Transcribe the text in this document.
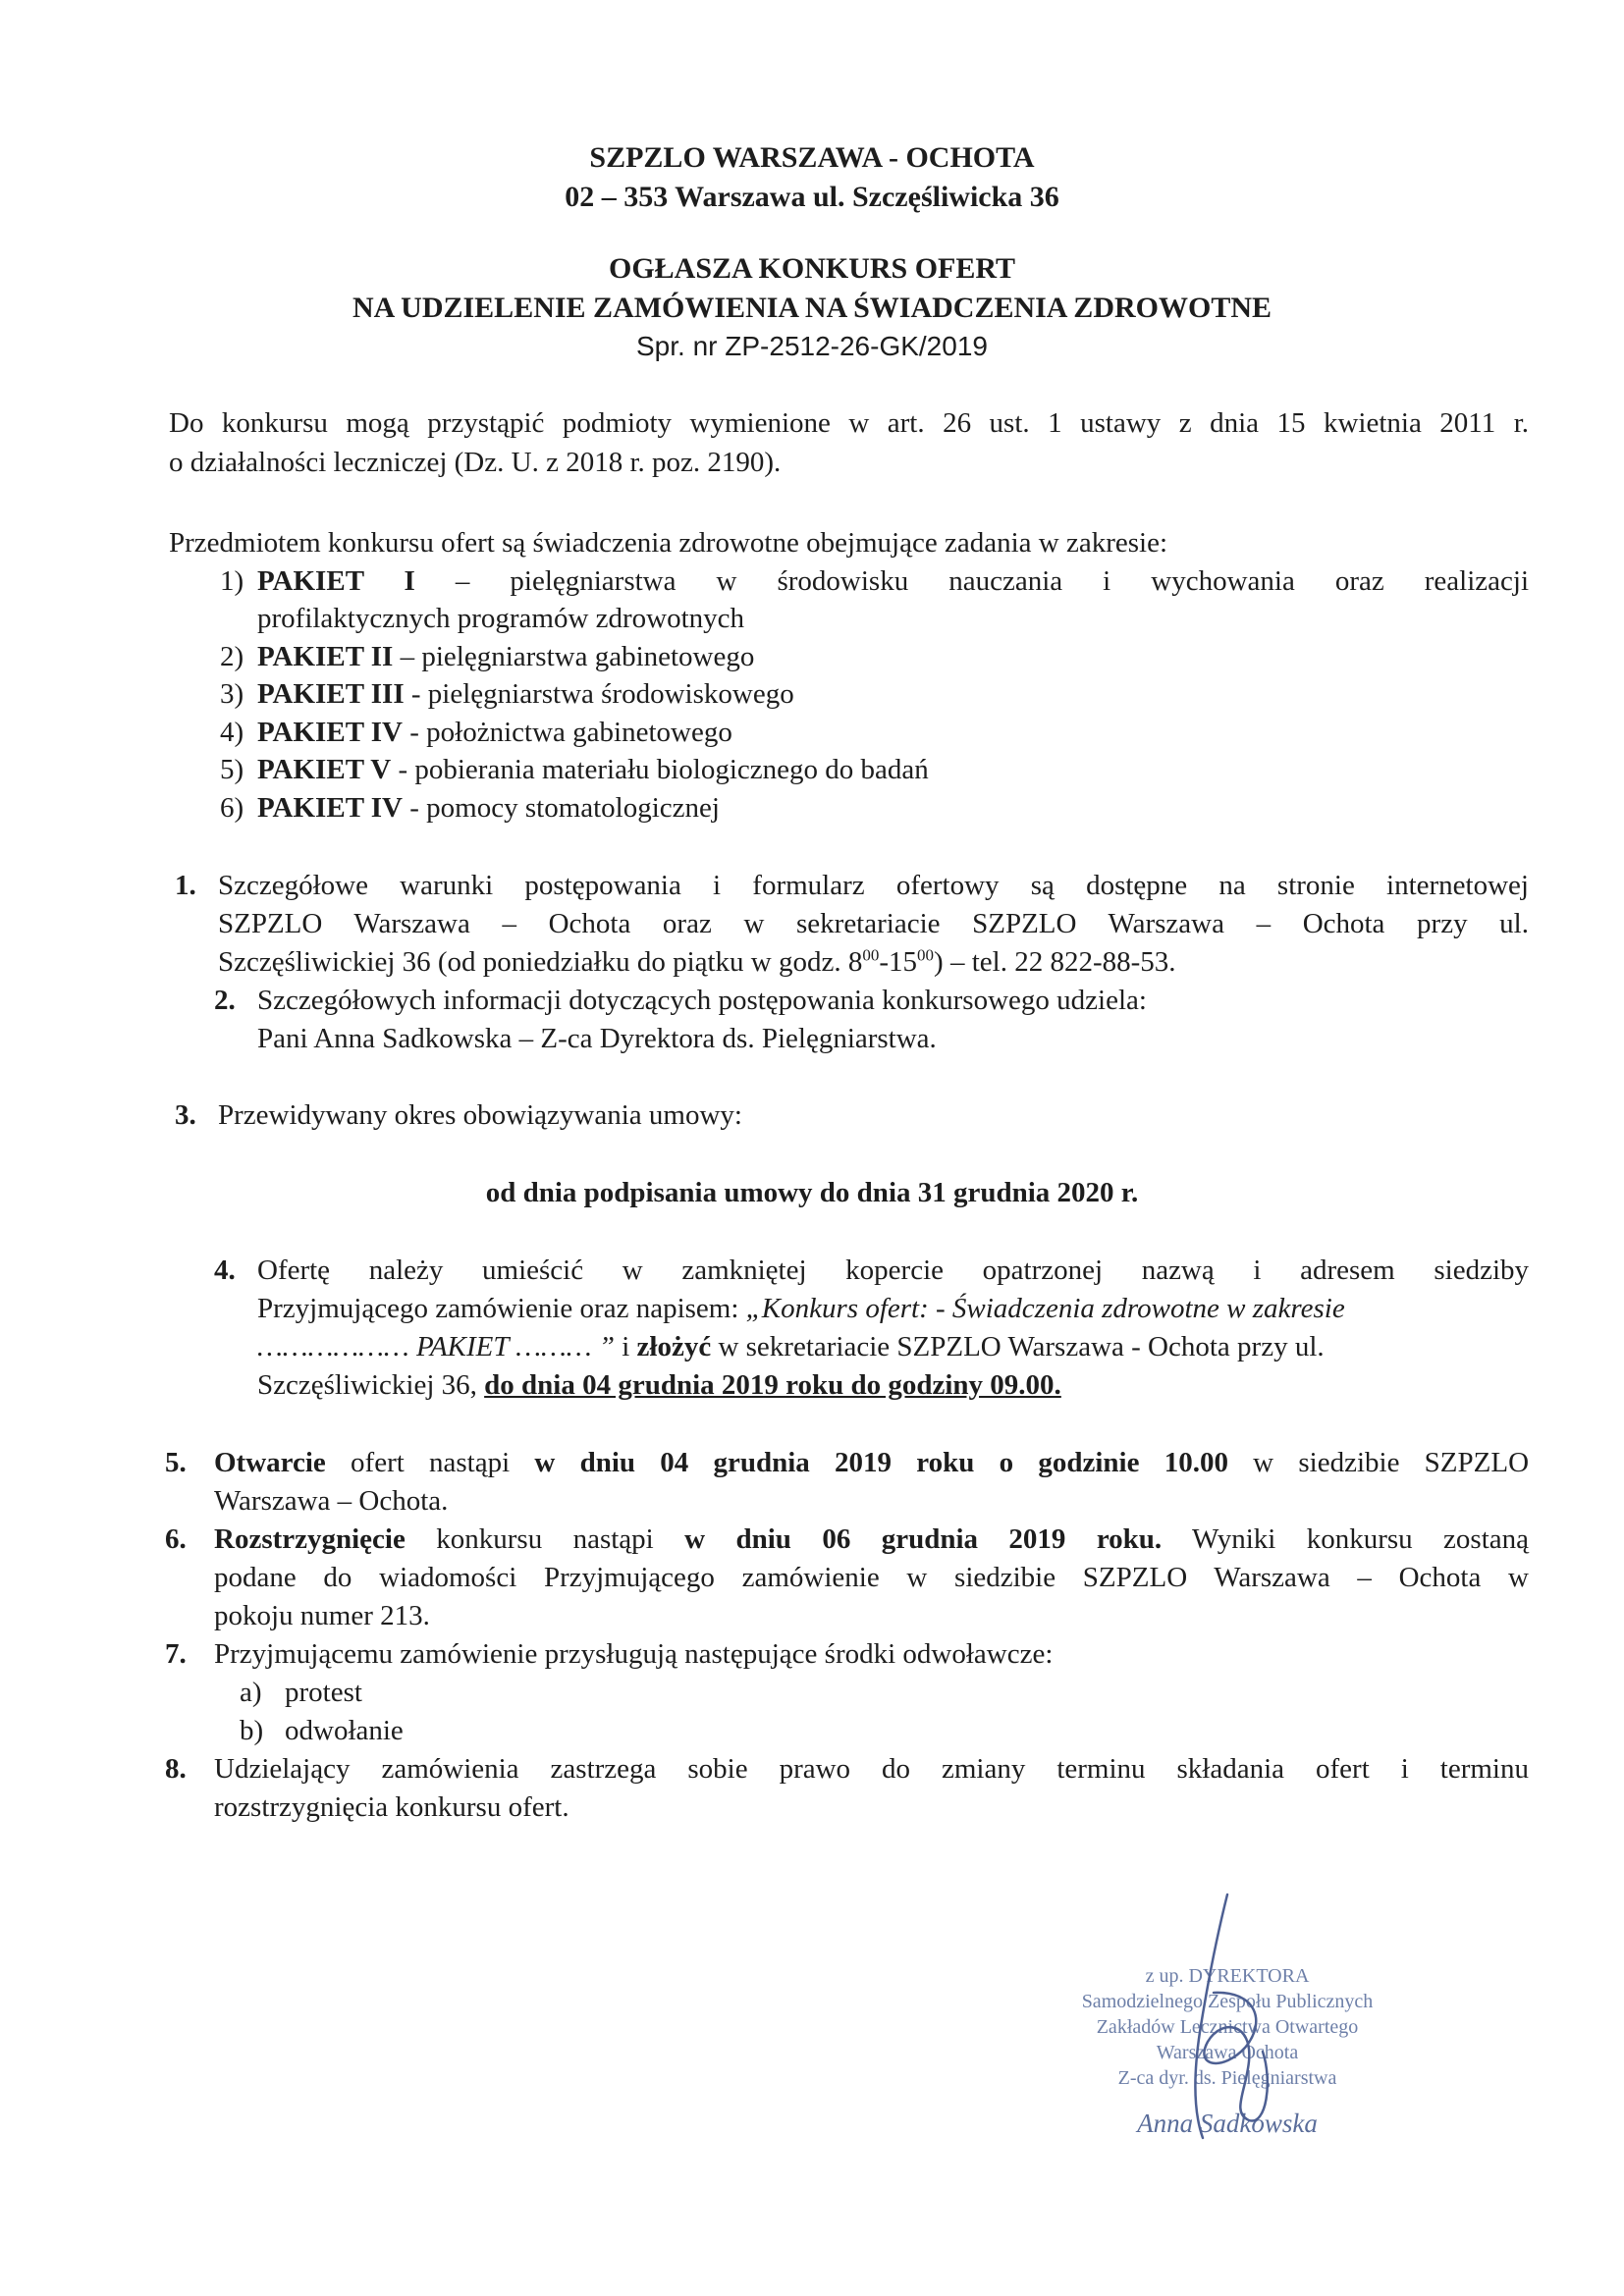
SZPZLO WARSZAWA - OCHOTA
02 – 353 Warszawa ul. Szczęśliwicka 36
OGŁASZA KONKURS OFERT
NA UDZIELENIE ZAMÓWIENIA NA ŚWIADCZENIA ZDROWOTNE
Spr. nr ZP-2512-26-GK/2019
Do konkursu mogą przystąpić podmioty wymienione w art. 26 ust. 1 ustawy z dnia 15 kwietnia 2011 r.
o działalności leczniczej (Dz. U. z 2018 r. poz. 2190).
Przedmiotem konkursu ofert są świadczenia zdrowotne obejmujące zadania w zakresie:
1) PAKIET I – pielęgniarstwa w środowisku nauczania i wychowania oraz realizacji
profilaktycznych programów zdrowotnych
2) PAKIET II – pielęgniarstwa gabinetowego
3) PAKIET III - pielęgniarstwa środowiskowego
4) PAKIET IV - położnictwa gabinetowego
5) PAKIET V - pobierania materiału biologicznego do badań
6) PAKIET IV - pomocy stomatologicznej
1. Szczegółowe warunki postępowania i formularz ofertowy są dostępne na stronie internetowej
SZPZLO Warszawa – Ochota oraz w sekretariacie SZPZLO Warszawa – Ochota przy ul.
Szczęśliwickiej 36 (od poniedziałku do piątku w godz. $8^{00}-15^{00}$) – tel. 22 822-88-53.
2. Szczegółowych informacji dotyczących postępowania konkursowego udziela:
Pani Anna Sadkowska – Z-ca Dyrektora ds. Pielęgniarstwa.
3. Przewidywany okres obowiązywania umowy:
od dnia podpisania umowy do dnia 31 grudnia 2020 r.
4. Ofertę należy umieścić w zamkniętej kopercie opatrzonej nazwą i adresem siedziby
Przyjmującego zamówienie oraz napisem: „Konkurs ofert: - Świadczenia zdrowotne w zakresie
……………… PAKIET ……… ” i złożyć w sekretariacie SZPZLO Warszawa - Ochota przy ul.
Szczęśliwickiej 36, do dnia 04 grudnia 2019 roku do godziny 09.00.
5. Otwarcie ofert nastąpi w dniu 04 grudnia 2019 roku o godzinie 10.00 w siedzibie SZPZLO
Warszawa – Ochota.
6. Rozstrzygnięcie konkursu nastąpi w dniu 06 grudnia 2019 roku. Wyniki konkursu zostaną
podane do wiadomości Przyjmującego zamówienie w siedzibie SZPZLO Warszawa – Ochota w
pokoju numer 213.
7. Przyjmującemu zamówienie przysługują następujące środki odwoławcze:
a) protest
b) odwołanie
8. Udzielający zamówienia zastrzega sobie prawo do zmiany terminu składania ofert i terminu
rozstrzygnięcia konkursu ofert.
z up. DYREKTORA
Samodzielnego Zespołu Publicznych
Zakładów Lecznictwa Otwartego
Warszawa Ochota
Z-ca dyr. ds. Pielęgniarstwa
Anna Sadkowska
